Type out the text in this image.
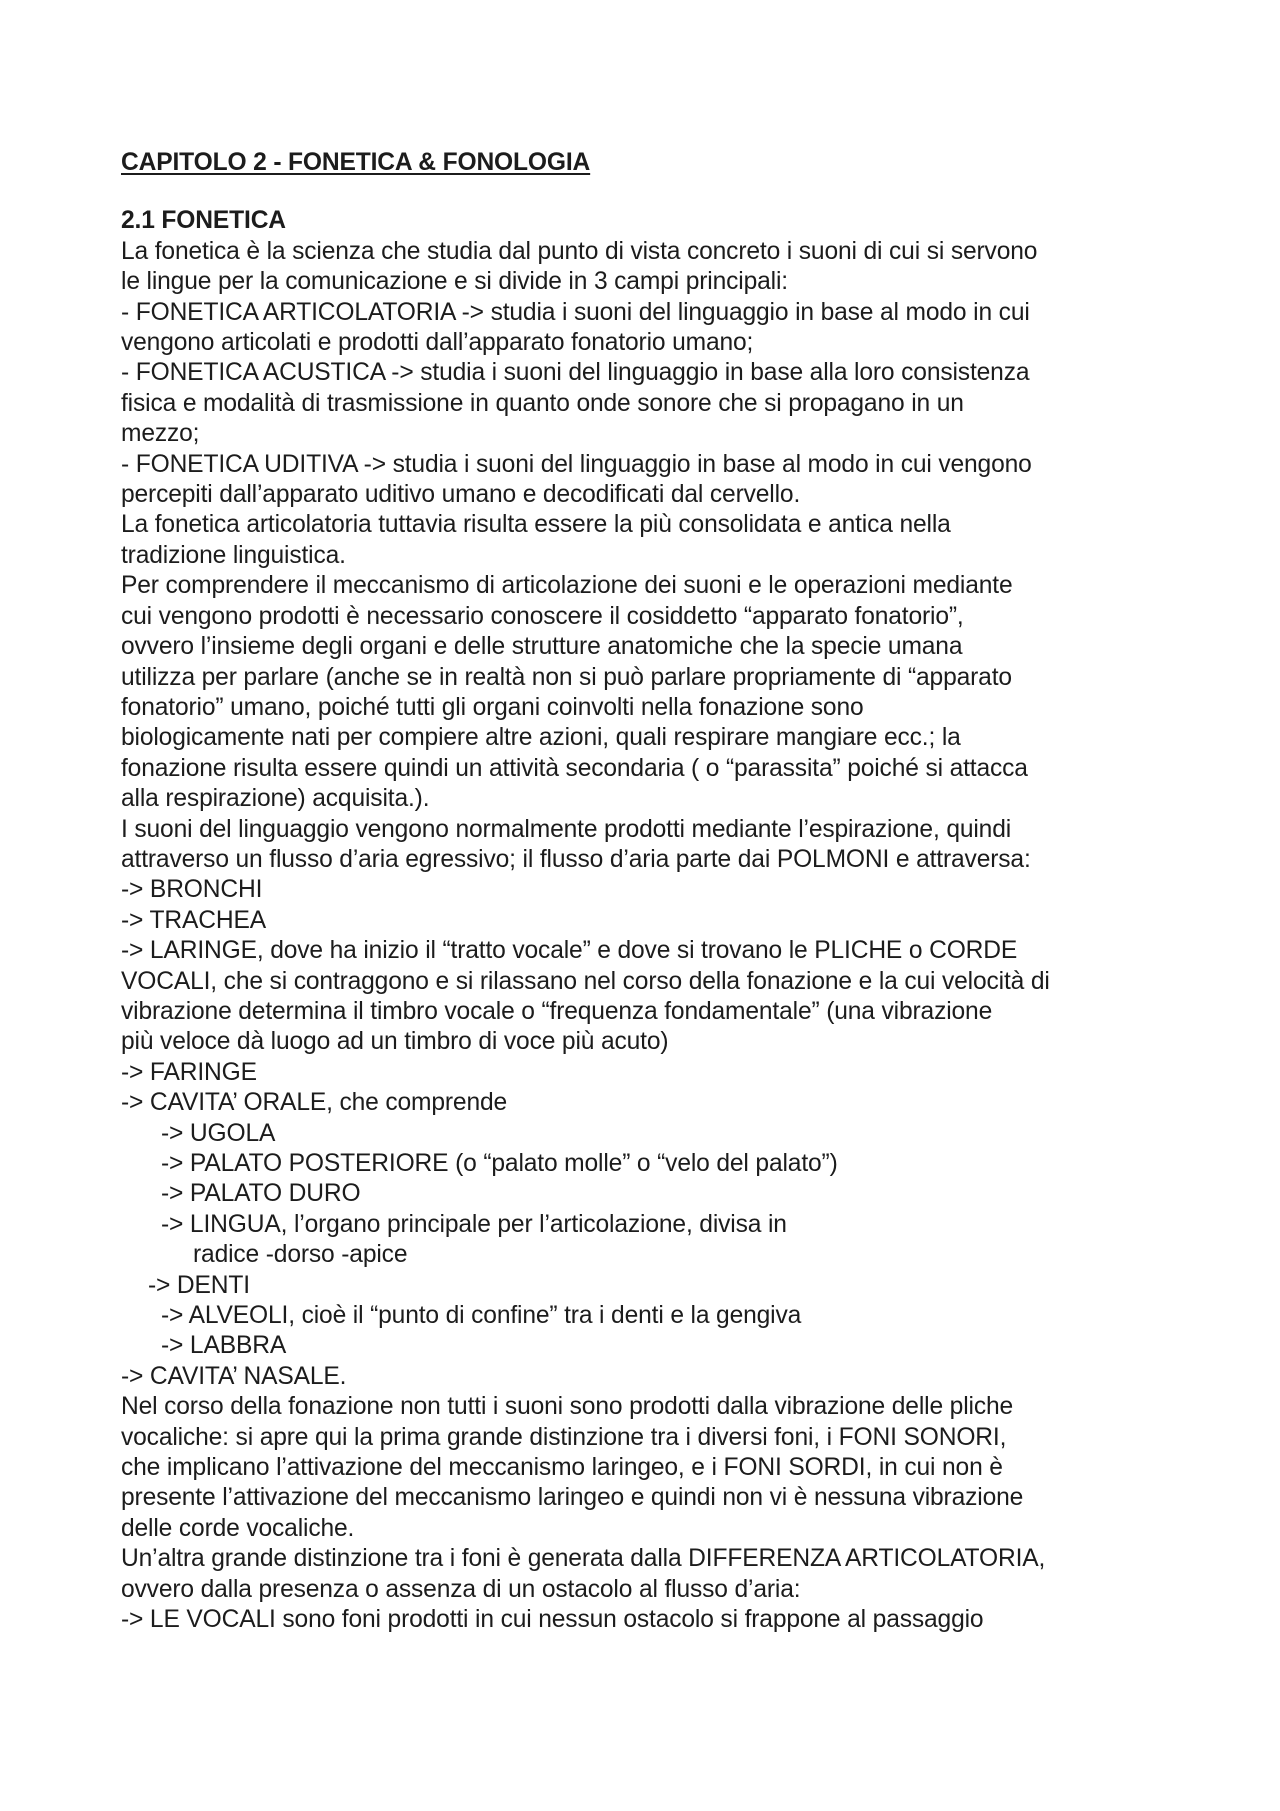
CAPITOLO 2 - FONETICA & FONOLOGIA

2.1 FONETICA

La fonetica è la scienza che studia dal punto di vista concreto i suoni di cui si servono

le lingue per la comunicazione e si divide in 3 campi principali:

- FONETICA ARTICOLATORIA -> studia i suoni del linguaggio in base al modo in cui

vengono articolati e prodotti dall’apparato fonatorio umano;

- FONETICA ACUSTICA -> studia i suoni del linguaggio in base alla loro consistenza

fisica e modalità di trasmissione in quanto onde sonore che si propagano in un

mezzo;

- FONETICA UDITIVA -> studia i suoni del linguaggio in base al modo in cui vengono

percepiti dall’apparato uditivo umano e decodificati dal cervello.

La fonetica articolatoria tuttavia risulta essere la più consolidata e antica nella

tradizione linguistica.

Per comprendere il meccanismo di articolazione dei suoni e le operazioni mediante

cui vengono prodotti è necessario conoscere il cosiddetto “apparato fonatorio”,

ovvero l’insieme degli organi e delle strutture anatomiche che la specie umana

utilizza per parlare (anche se in realtà non si può parlare propriamente di “apparato

fonatorio” umano, poiché tutti gli organi coinvolti nella fonazione sono

biologicamente nati per compiere altre azioni, quali respirare mangiare ecc.; la

fonazione risulta essere quindi un attività secondaria ( o “parassita” poiché si attacca

alla respirazione) acquisita.).

I suoni del linguaggio vengono normalmente prodotti mediante l’espirazione, quindi

attraverso un flusso d’aria egressivo; il flusso d’aria parte dai POLMONI e attraversa:

-> BRONCHI

-> TRACHEA

-> LARINGE, dove ha inizio il “tratto vocale” e dove si trovano le PLICHE o CORDE

VOCALI, che si contraggono e si rilassano nel corso della fonazione e la cui velocità di

vibrazione determina il timbro vocale o “frequenza fondamentale” (una vibrazione

più veloce dà luogo ad un timbro di voce più acuto)

-> FARINGE

-> CAVITA’ ORALE, che comprende

-> UGOLA

-> PALATO POSTERIORE (o “palato molle” o “velo del palato”)

-> PALATO DURO

-> LINGUA, l’organo principale per l’articolazione, divisa in

radice -dorso -apice

-> DENTI

-> ALVEOLI, cioè il “punto di confine” tra i denti e la gengiva

-> LABBRA

-> CAVITA’ NASALE.

Nel corso della fonazione non tutti i suoni sono prodotti dalla vibrazione delle pliche

vocaliche: si apre qui la prima grande distinzione tra i diversi foni, i FONI SONORI,

che implicano l’attivazione del meccanismo laringeo, e i FONI SORDI, in cui non è

presente l’attivazione del meccanismo laringeo e quindi non vi è nessuna vibrazione

delle corde vocaliche.

Un’altra grande distinzione tra i foni è generata dalla DIFFERENZA ARTICOLATORIA,

ovvero dalla presenza o assenza di un ostacolo al flusso d’aria:

-> LE VOCALI sono foni prodotti in cui nessun ostacolo si frappone al passaggio
